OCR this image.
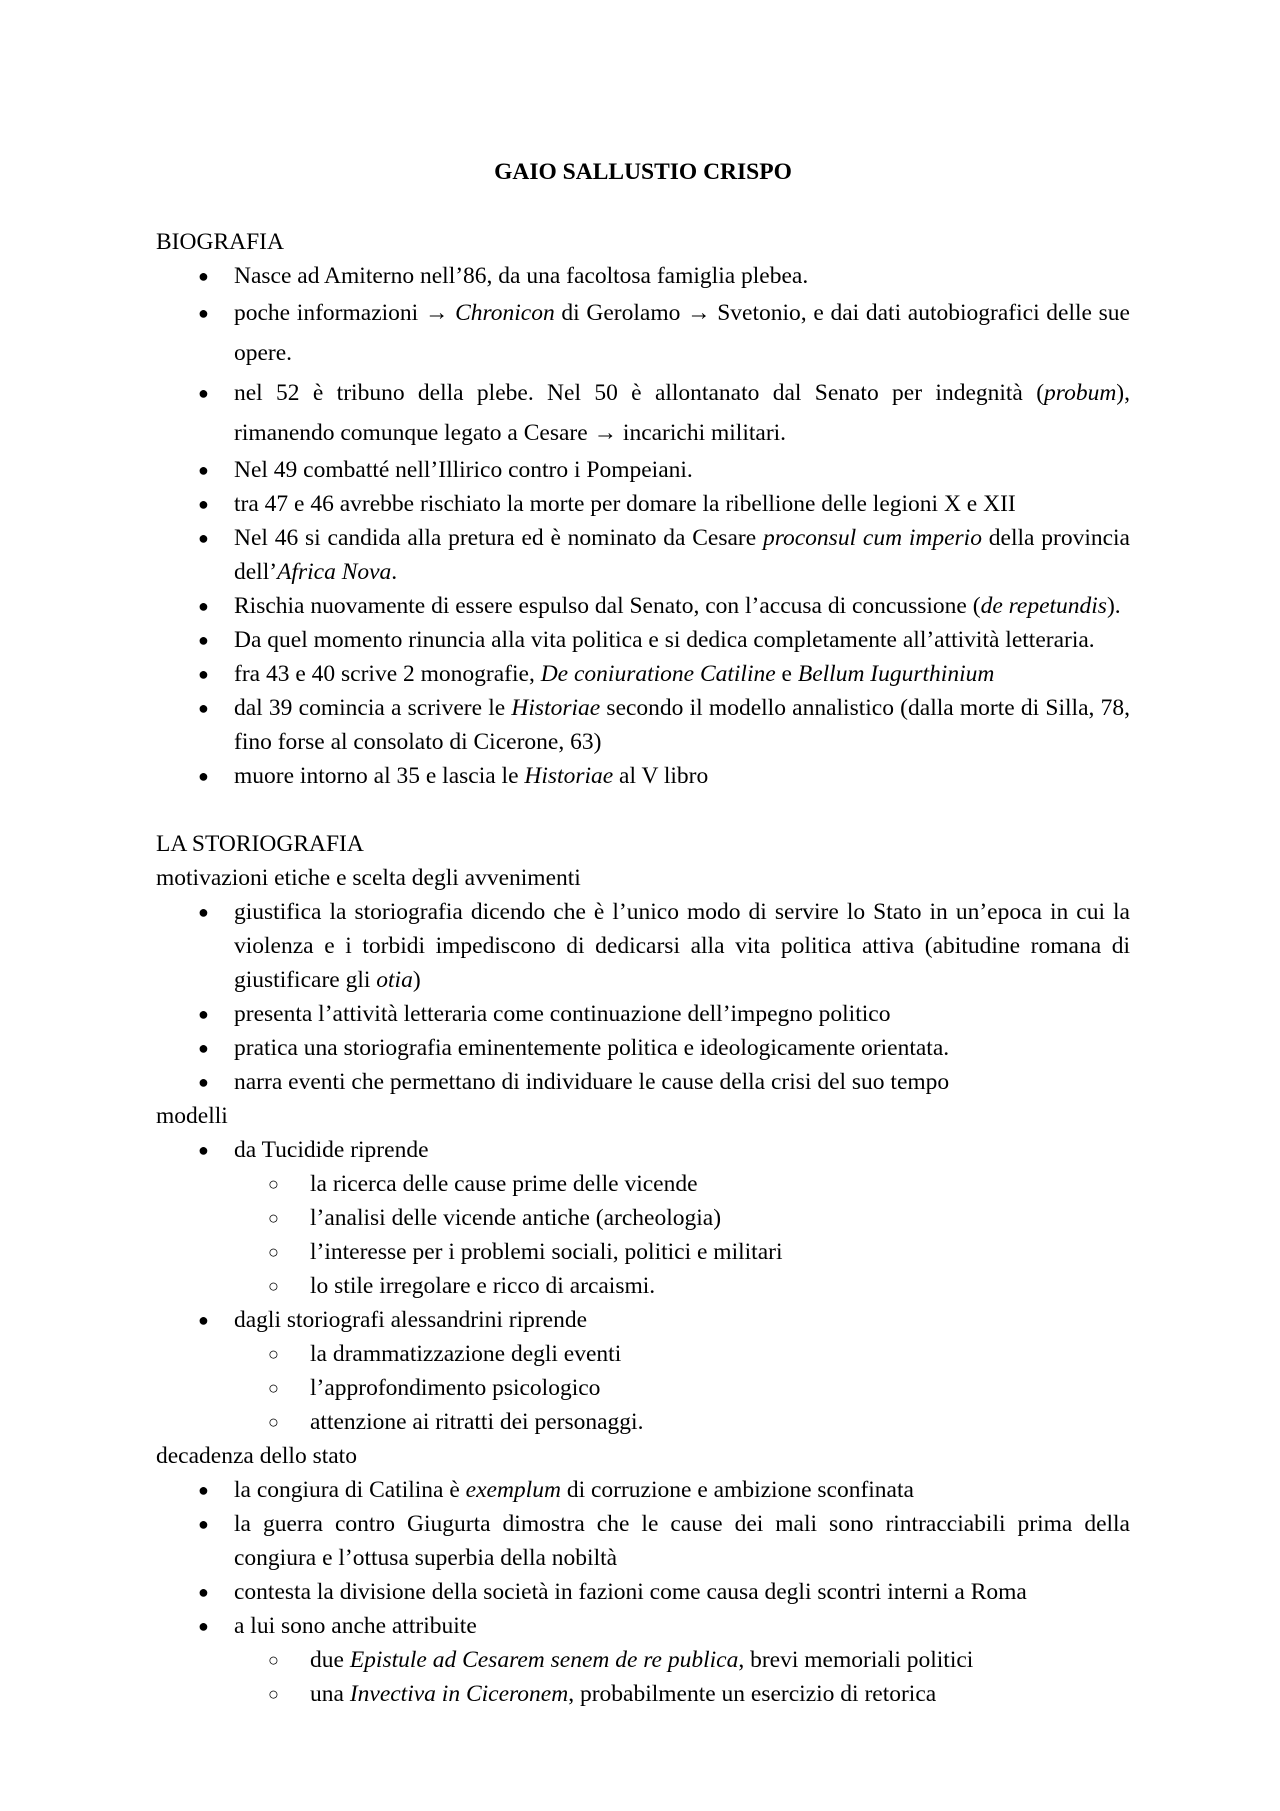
GAIO SALLUSTIO CRISPO
BIOGRAFIA
● Nasce ad Amiterno nell’86, da una facoltosa famiglia plebea.
● poche informazioni → Chronicon di Gerolamo → Svetonio, e dai dati autobiografici delle sue opere.
● nel 52 è tribuno della plebe. Nel 50 è allontanato dal Senato per indegnità (probum), rimanendo comunque legato a Cesare → incarichi militari.
● Nel 49 combatté nell’Illirico contro i Pompeiani.
● tra 47 e 46 avrebbe rischiato la morte per domare la ribellione delle legioni X e XII
● Nel 46 si candida alla pretura ed è nominato da Cesare proconsul cum imperio della provincia dell’Africa Nova.
● Rischia nuovamente di essere espulso dal Senato, con l’accusa di concussione (de repetundis).
● Da quel momento rinuncia alla vita politica e si dedica completamente all’attività letteraria.
● fra 43 e 40 scrive 2 monografie, De coniuratione Catiline e Bellum Iugurthinium
● dal 39 comincia a scrivere le Historiae secondo il modello annalistico (dalla morte di Silla, 78, fino forse al consolato di Cicerone, 63)
● muore intorno al 35 e lascia le Historiae al V libro
LA STORIOGRAFIA
motivazioni etiche e scelta degli avvenimenti
● giustifica la storiografia dicendo che è l’unico modo di servire lo Stato in un’epoca in cui la violenza e i torbidi impediscono di dedicarsi alla vita politica attiva (abitudine romana di giustificare gli otia)
● presenta l’attività letteraria come continuazione dell’impegno politico
● pratica una storiografia eminentemente politica e ideologicamente orientata.
● narra eventi che permettano di individuare le cause della crisi del suo tempo
modelli
● da Tucidide riprende
○ la ricerca delle cause prime delle vicende
○ l’analisi delle vicende antiche (archeologia)
○ l’interesse per i problemi sociali, politici e militari
○ lo stile irregolare e ricco di arcaismi.
● dagli storiografi alessandrini riprende
○ la drammatizzazione degli eventi
○ l’approfondimento psicologico
○ attenzione ai ritratti dei personaggi.
decadenza dello stato
● la congiura di Catilina è exemplum di corruzione e ambizione sconfinata
● la guerra contro Giugurta dimostra che le cause dei mali sono rintracciabili prima della congiura e l’ottusa superbia della nobiltà
● contesta la divisione della società in fazioni come causa degli scontri interni a Roma
● a lui sono anche attribuite
○ due Epistule ad Cesarem senem de re publica, brevi memoriali politici
○ una Invectiva in Ciceronem, probabilmente un esercizio di retorica
